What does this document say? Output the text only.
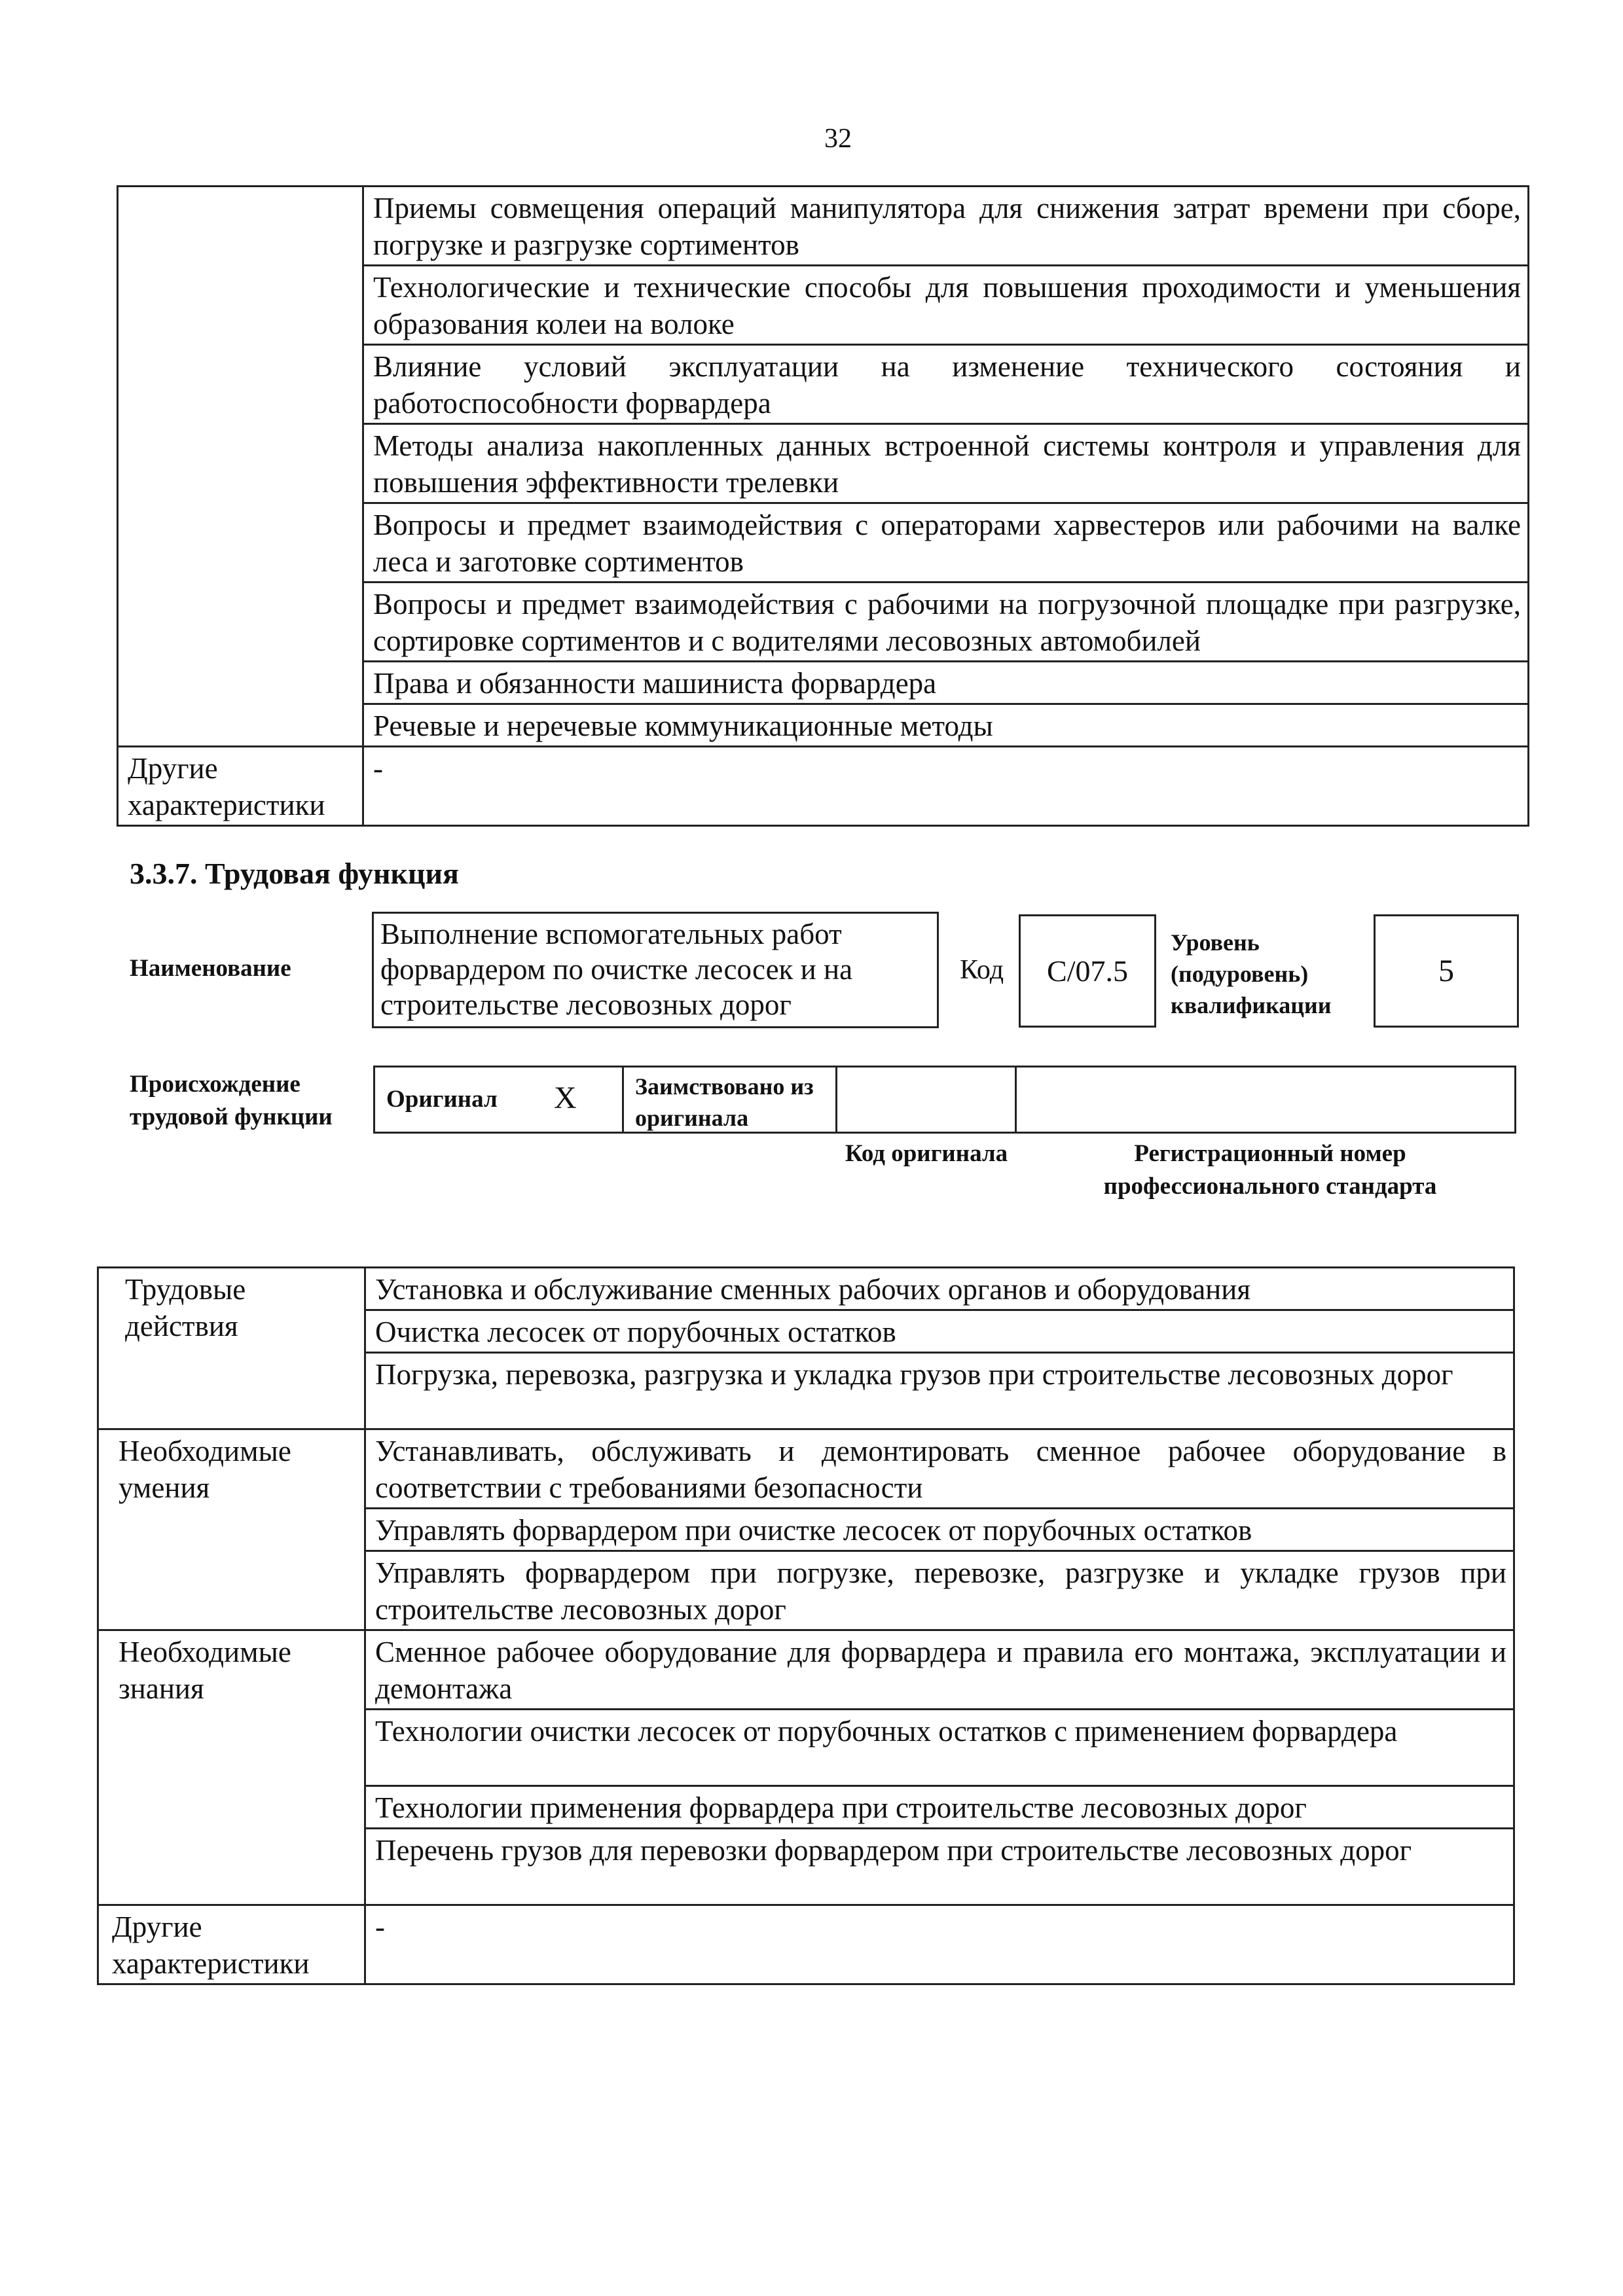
32
	Приемы совмещения операций манипулятора для снижения затрат времени при сборе, погрузке и разгрузке сортиментов
	Технологические и технические способы для повышения проходимости и уменьшения образования колеи на волоке
	Влияние условий эксплуатации на изменение технического состояния и работоспособности форвардера
	Методы анализа накопленных данных встроенной системы контроля и управления для повышения эффективности трелевки
	Вопросы и предмет взаимодействия с операторами харвестеров или рабочими на валке леса и заготовке сортиментов
	Вопросы и предмет взаимодействия с рабочими на погрузочной площадке при разгрузке, сортировке сортиментов и с водителями лесовозных автомобилей
	Права и обязанности машиниста форвардера
	Речевые и неречевые коммуникационные методы
Другие характеристики	-
3.3.7. Трудовая функция
Наименование
Выполнение вспомогательных работ форвардером по очистке лесосек и на строительстве лесовозных дорог
Код С/07.5
Уровень (подуровень) квалификации
5
Происхождение трудовой функции
Оригинал X Заимствовано из оригинала
Код оригинала	Регистрационный номер профессионального стандарта
Трудовые действия	Установка и обслуживание сменных рабочих органов и оборудования
	Очистка лесосек от порубочных остатков
	Погрузка, перевозка, разгрузка и укладка грузов при строительстве лесовозных дорог
Необходимые умения	Устанавливать, обслуживать и демонтировать сменное рабочее оборудование в соответствии с требованиями безопасности
	Управлять форвардером при очистке лесосек от порубочных остатков
	Управлять форвардером при погрузке, перевозке, разгрузке и укладке грузов при строительстве лесовозных дорог
Необходимые знания	Сменное рабочее оборудование для форвардера и правила его монтажа, эксплуатации и демонтажа
	Технологии очистки лесосек от порубочных остатков с применением форвардера
	Технологии применения форвардера при строительстве лесовозных дорог
	Перечень грузов для перевозки форвардером при строительстве лесовозных дорог
Другие характеристики	-
